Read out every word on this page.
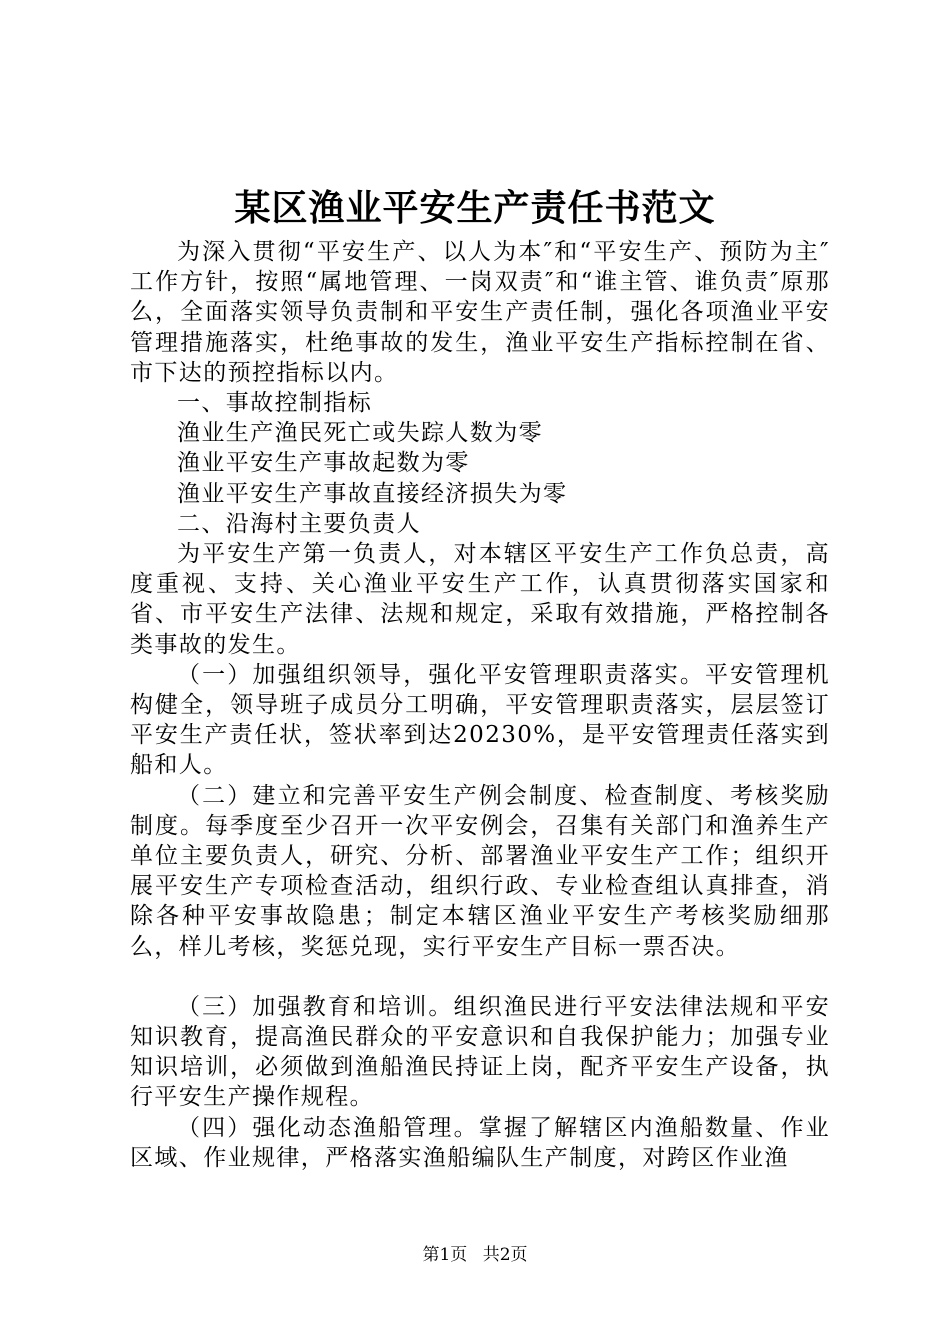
某区渔业平安生产责任书范文

为深入贯彻“平安生产、以人为本″和“平安生产、预防为主″工作方针，按照“属地管理、一岗双责″和“谁主管、谁负责″原那么，全面落实领导负责制和平安生产责任制，强化各项渔业平安管理措施落实，杜绝事故的发生，渔业平安生产指标控制在省、市下达的预控指标以内。

一、事故控制指标

渔业生产渔民死亡或失踪人数为零

渔业平安生产事故起数为零

渔业平安生产事故直接经济损失为零

二、沿海村主要负责人

为平安生产第一负责人，对本辖区平安生产工作负总责，高度重视、支持、关心渔业平安生产工作，认真贯彻落实国家和省、市平安生产法律、法规和规定，采取有效措施，严格控制各类事故的发生。

（一）加强组织领导，强化平安管理职责落实。平安管理机构健全，领导班子成员分工明确，平安管理职责落实，层层签订平安生产责任状，签状率到达20230%，是平安管理责任落实到船和人。

（二）建立和完善平安生产例会制度、检查制度、考核奖励制度。每季度至少召开一次平安例会，召集有关部门和渔养生产单位主要负责人，研究、分析、部署渔业平安生产工作；组织开展平安生产专项检查活动，组织行政、专业检查组认真排查，消除各种平安事故隐患；制定本辖区渔业平安生产考核奖励细那么，样儿考核，奖惩兑现，实行平安生产目标一票否决。

（三）加强教育和培训。组织渔民进行平安法律法规和平安知识教育，提高渔民群众的平安意识和自我保护能力；加强专业知识培训，必须做到渔船渔民持证上岗，配齐平安生产设备，执行平安生产操作规程。

（四）强化动态渔船管理。掌握了解辖区内渔船数量、作业区域、作业规律，严格落实渔船编队生产制度，对跨区作业渔

第1页 共2页
